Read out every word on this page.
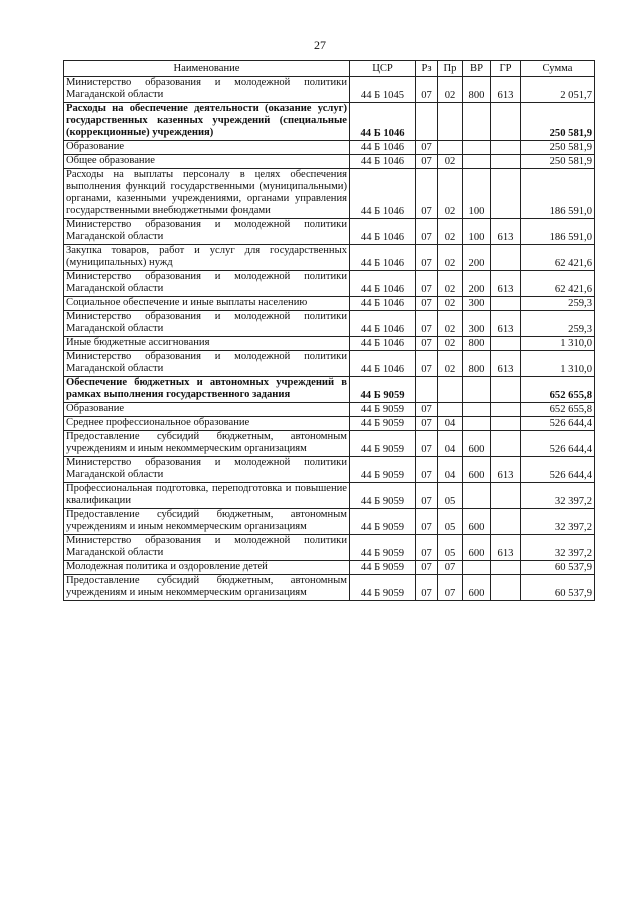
27
Наименование	ЦСР	Рз	Пр	ВР	ГР	Сумма
Министерство образования и молодежной политики Магаданской области	44 Б 1045	07	02	800	613	2 051,7
Расходы на обеспечение деятельности (оказание услуг) государственных казенных учреждений (специальные (коррекционные) учреждения)	44 Б 1046					250 581,9
Образование	44 Б 1046	07				250 581,9
Общее образование	44 Б 1046	07	02			250 581,9
Расходы на выплаты персоналу в целях обеспечения выполнения функций государственными (муниципальными) органами, казенными учреждениями, органами управления государственными внебюджетными фондами	44 Б 1046	07	02	100		186 591,0
Министерство образования и молодежной политики Магаданской области	44 Б 1046	07	02	100	613	186 591,0
Закупка товаров, работ и услуг для государственных (муниципальных) нужд	44 Б 1046	07	02	200		62 421,6
Министерство образования и молодежной политики Магаданской области	44 Б 1046	07	02	200	613	62 421,6
Социальное обеспечение и иные выплаты населению	44 Б 1046	07	02	300		259,3
Министерство образования и молодежной политики Магаданской области	44 Б 1046	07	02	300	613	259,3
Иные бюджетные ассигнования	44 Б 1046	07	02	800		1 310,0
Министерство образования и молодежной политики Магаданской области	44 Б 1046	07	02	800	613	1 310,0
Обеспечение бюджетных и автономных учреждений в рамках выполнения государственного задания	44 Б 9059					652 655,8
Образование	44 Б 9059	07				652 655,8
Среднее профессиональное образование	44 Б 9059	07	04			526 644,4
Предоставление субсидий бюджетным, автономным учреждениям и иным некоммерческим организациям	44 Б 9059	07	04	600		526 644,4
Министерство образования и молодежной политики Магаданской области	44 Б 9059	07	04	600	613	526 644,4
Профессиональная подготовка, переподготовка и повышение квалификации	44 Б 9059	07	05			32 397,2
Предоставление субсидий бюджетным, автономным учреждениям и иным некоммерческим организациям	44 Б 9059	07	05	600		32 397,2
Министерство образования и молодежной политики Магаданской области	44 Б 9059	07	05	600	613	32 397,2
Молодежная политика и оздоровление детей	44 Б 9059	07	07			60 537,9
Предоставление субсидий бюджетным, автономным учреждениям и иным некоммерческим организациям	44 Б 9059	07	07	600		60 537,9
